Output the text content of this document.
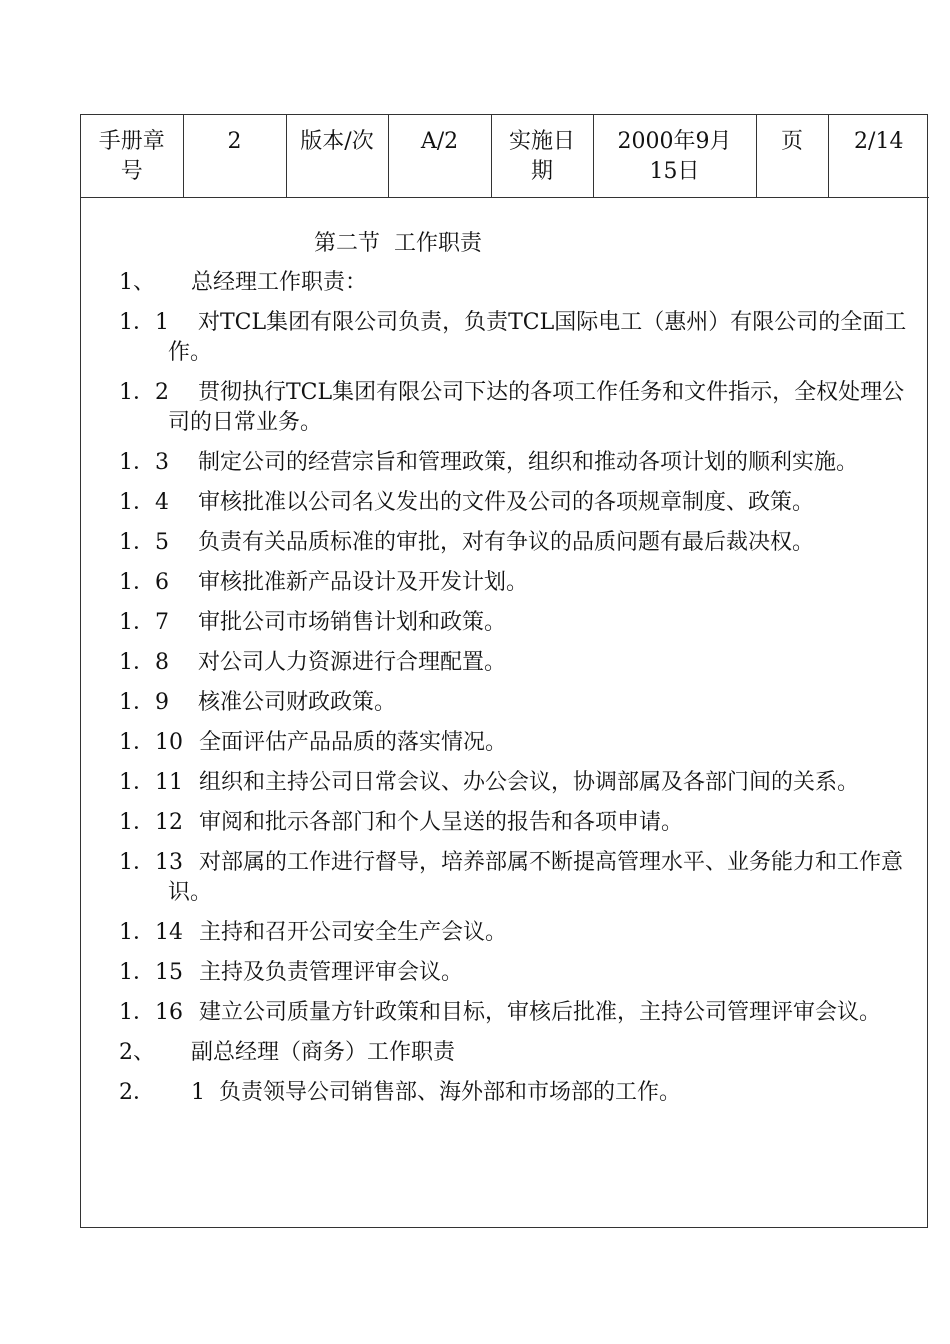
手册章号	2	版本/次	A/2	实施日期	2000年9月15日	页	2/14
第二节  工作职责
1、 总经理工作职责：
1．1	对TCL集团有限公司负责，负责TCL国际电工（惠州）有限公司的全面工作。
1．2	贯彻执行TCL集团有限公司下达的各项工作任务和文件指示，全权处理公司的日常业务。
1．3	制定公司的经营宗旨和管理政策，组织和推动各项计划的顺利实施。
1．4	审核批准以公司名义发出的文件及公司的各项规章制度、政策。
1．5	负责有关品质标准的审批，对有争议的品质问题有最后裁决权。
1．6	审核批准新产品设计及开发计划。
1．7	审批公司市场销售计划和政策。
1．8	对公司人力资源进行合理配置。
1．9	核准公司财政政策。
1．10 全面评估产品品质的落实情况。
1．11 组织和主持公司日常会议、办公会议，协调部属及各部门间的关系。
1．12 审阅和批示各部门和个人呈送的报告和各项申请。
1．13 对部属的工作进行督导，培养部属不断提高管理水平、业务能力和工作意识。
1．14 主持和召开公司安全生产会议。
1．15 主持及负责管理评审会议。
1．16 建立公司质量方针政策和目标，审核后批准，主持公司管理评审会议。
2、 副总经理（商务）工作职责
2． 1 负责领导公司销售部、海外部和市场部的工作。
